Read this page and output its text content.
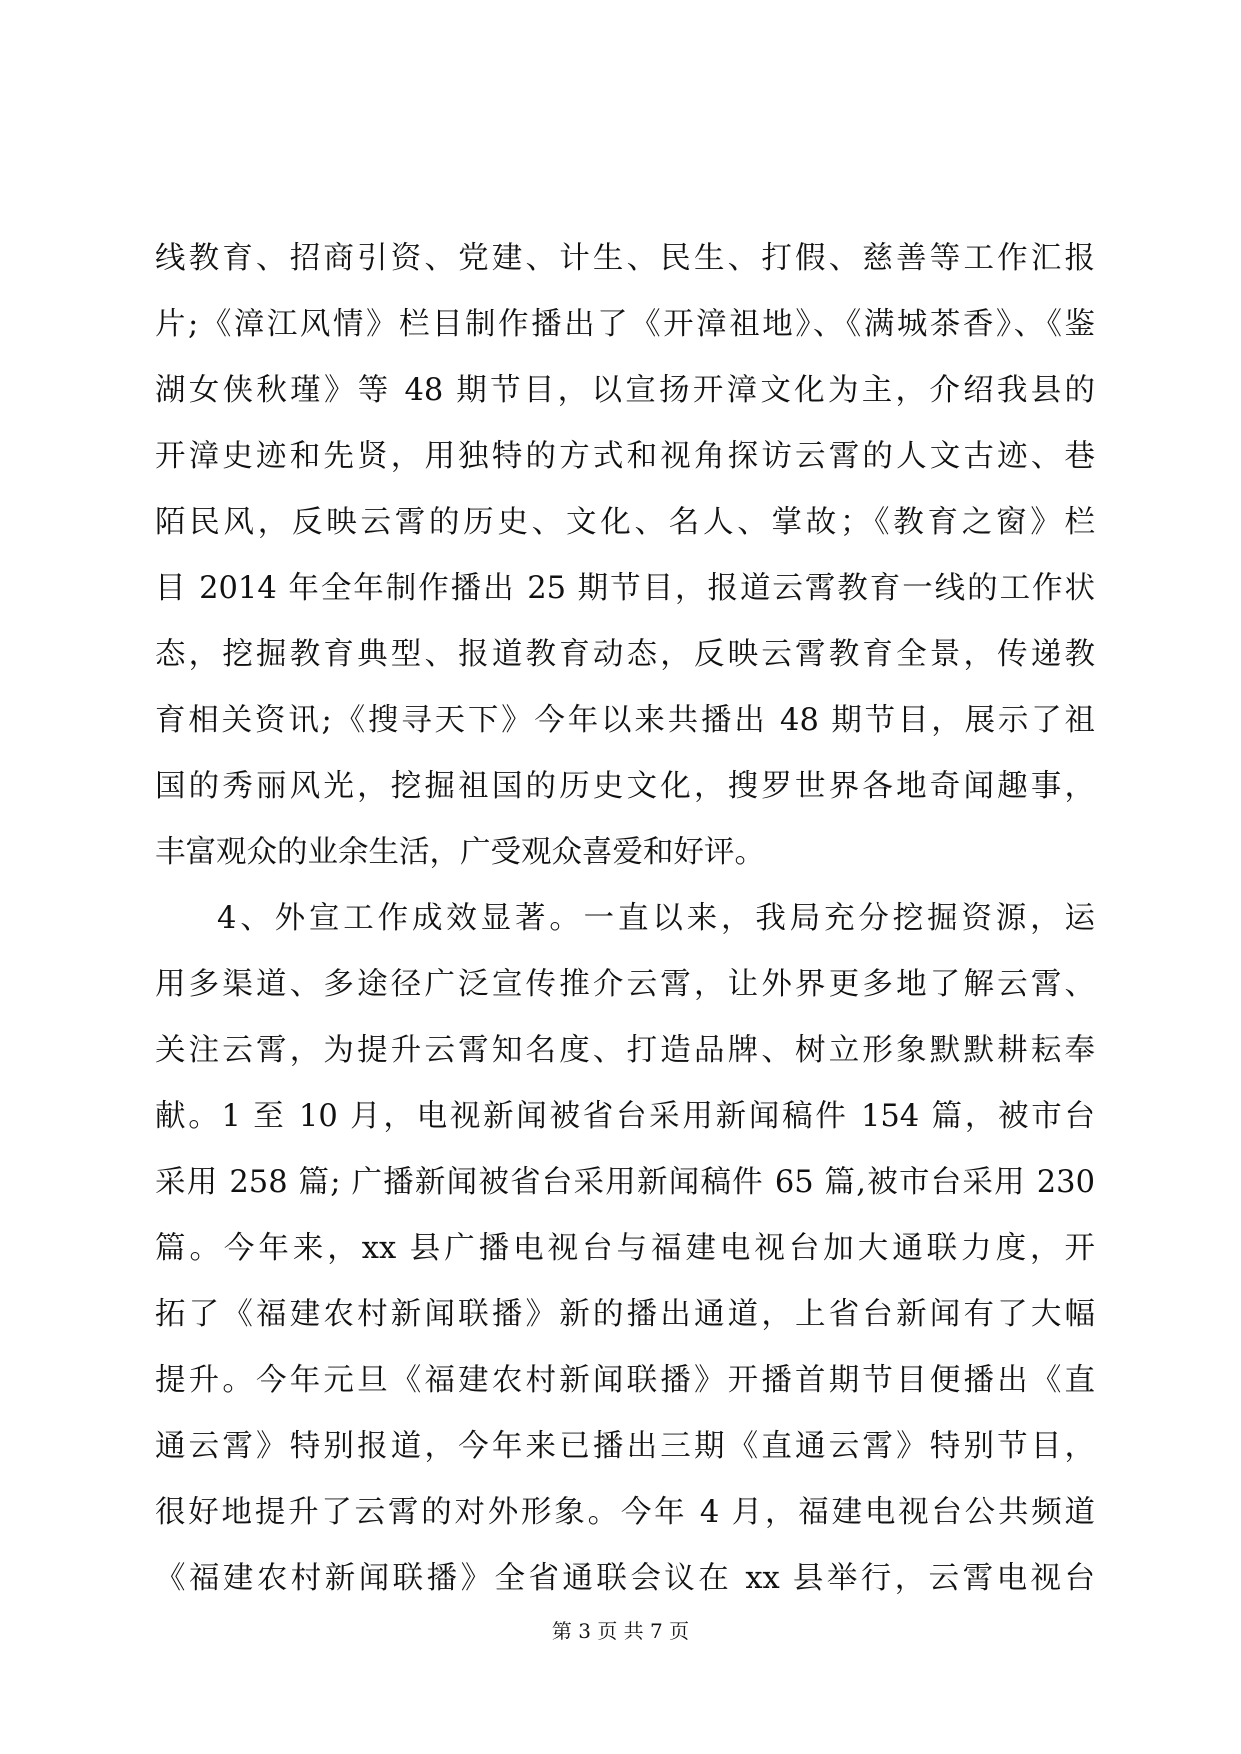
线教育、招商引资、党建、计生、民生、打假、慈善等工作汇报
片;《漳江风情》栏目制作播出了《开漳祖地》、《满城茶香》、《鉴
湖女侠秋瑾》等 48 期节目，以宣扬开漳文化为主，介绍我县的
开漳史迹和先贤，用独特的方式和视角探访云霄的人文古迹、巷
陌民风，反映云霄的历史、文化、名人、掌故；《教育之窗》栏
目 2014 年全年制作播出 25 期节目，报道云霄教育一线的工作状
态，挖掘教育典型、报道教育动态，反映云霄教育全景，传递教
育相关资讯;《搜寻天下》今年以来共播出 48 期节目，展示了祖
国的秀丽风光，挖掘祖国的历史文化，搜罗世界各地奇闻趣事，
丰富观众的业余生活，广受观众喜爱和好评。
4、外宣工作成效显著。一直以来，我局充分挖掘资源，运
用多渠道、多途径广泛宣传推介云霄，让外界更多地了解云霄、
关注云霄，为提升云霄知名度、打造品牌、树立形象默默耕耘奉
献。1 至 10 月，电视新闻被省台采用新闻稿件 154 篇，被市台
采用 258 篇; 广播新闻被省台采用新闻稿件 65 篇,被市台采用 230
篇。今年来，xx 县广播电视台与福建电视台加大通联力度，开
拓了《福建农村新闻联播》新的播出通道，上省台新闻有了大幅
提升。今年元旦《福建农村新闻联播》开播首期节目便播出《直
通云霄》特别报道，今年来已播出三期《直通云霄》特别节目，
很好地提升了云霄的对外形象。今年 4 月，福建电视台公共频道
《福建农村新闻联播》全省通联会议在 xx 县举行，云霄电视台
第 3 页 共 7 页
